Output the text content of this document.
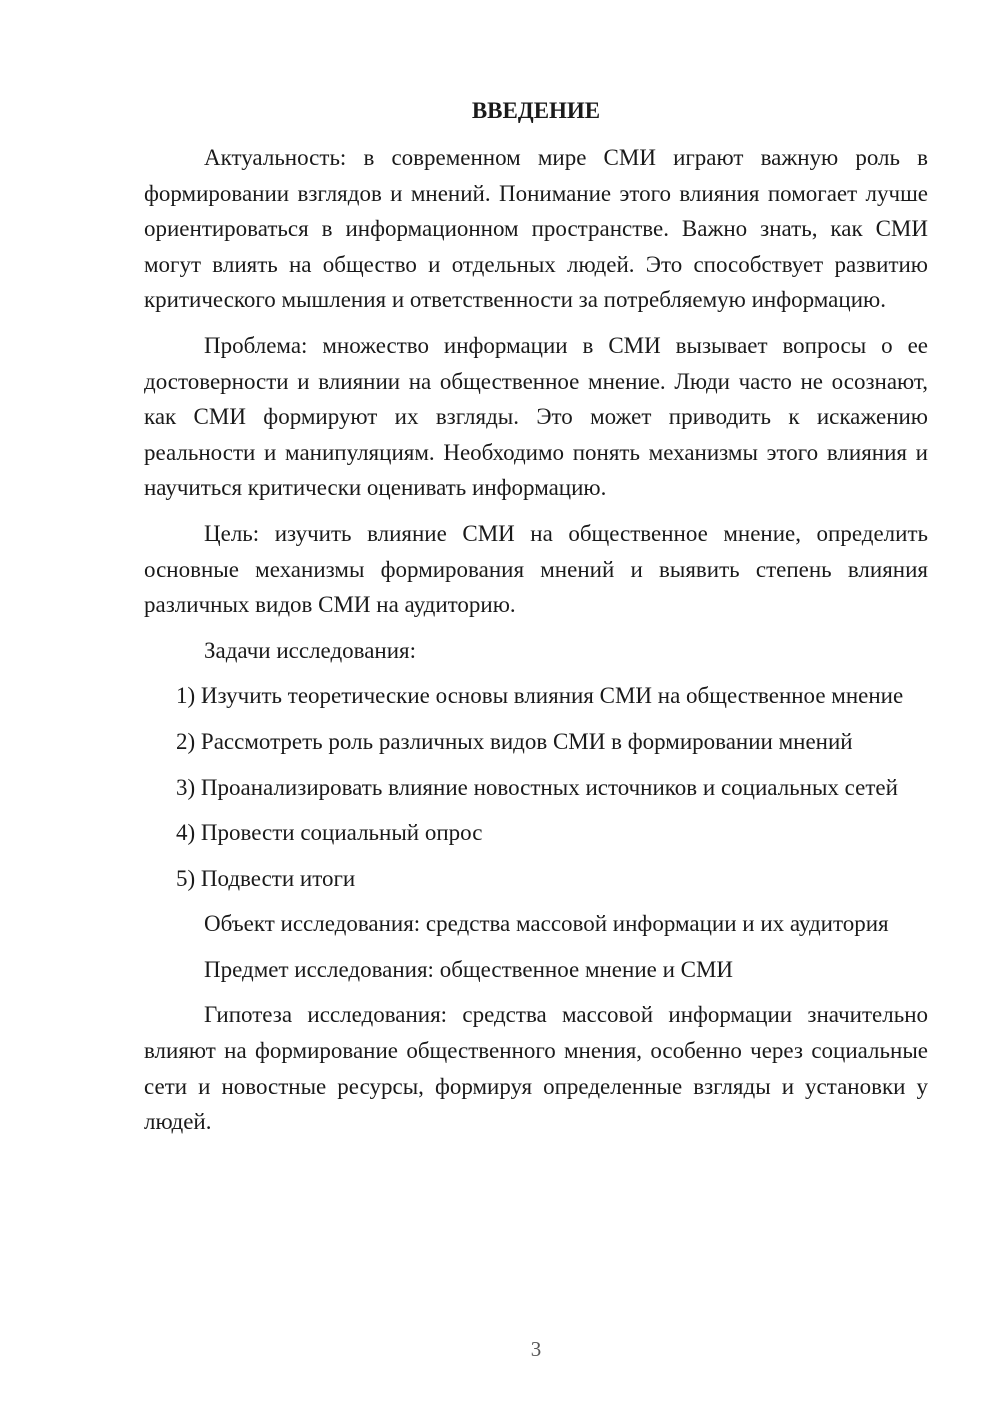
ВВЕДЕНИЕ

Актуальность: в современном мире СМИ играют важную роль в формировании взглядов и мнений. Понимание этого влияния помогает лучше ориентироваться в информационном пространстве. Важно знать, как СМИ могут влиять на общество и отдельных людей. Это способствует развитию критического мышления и ответственности за потребляемую информацию.

Проблема: множество информации в СМИ вызывает вопросы о ее достоверности и влиянии на общественное мнение. Люди часто не осознают, как СМИ формируют их взгляды. Это может приводить к искажению реальности и манипуляциям. Необходимо понять механизмы этого влияния и научиться критически оценивать информацию.

Цель: изучить влияние СМИ на общественное мнение, определить основные механизмы формирования мнений и выявить степень влияния различных видов СМИ на аудиторию.

Задачи исследования:

1) Изучить теоретические основы влияния СМИ на общественное мнение

2) Рассмотреть роль различных видов СМИ в формировании мнений

3) Проанализировать влияние новостных источников и социальных сетей

4) Провести социальный опрос

5) Подвести итоги

Объект исследования: средства массовой информации и их аудитория

Предмет исследования: общественное мнение и СМИ

Гипотеза исследования: средства массовой информации значительно влияют на формирование общественного мнения, особенно через социальные сети и новостные ресурсы, формируя определенные взгляды и установки у людей.

3
